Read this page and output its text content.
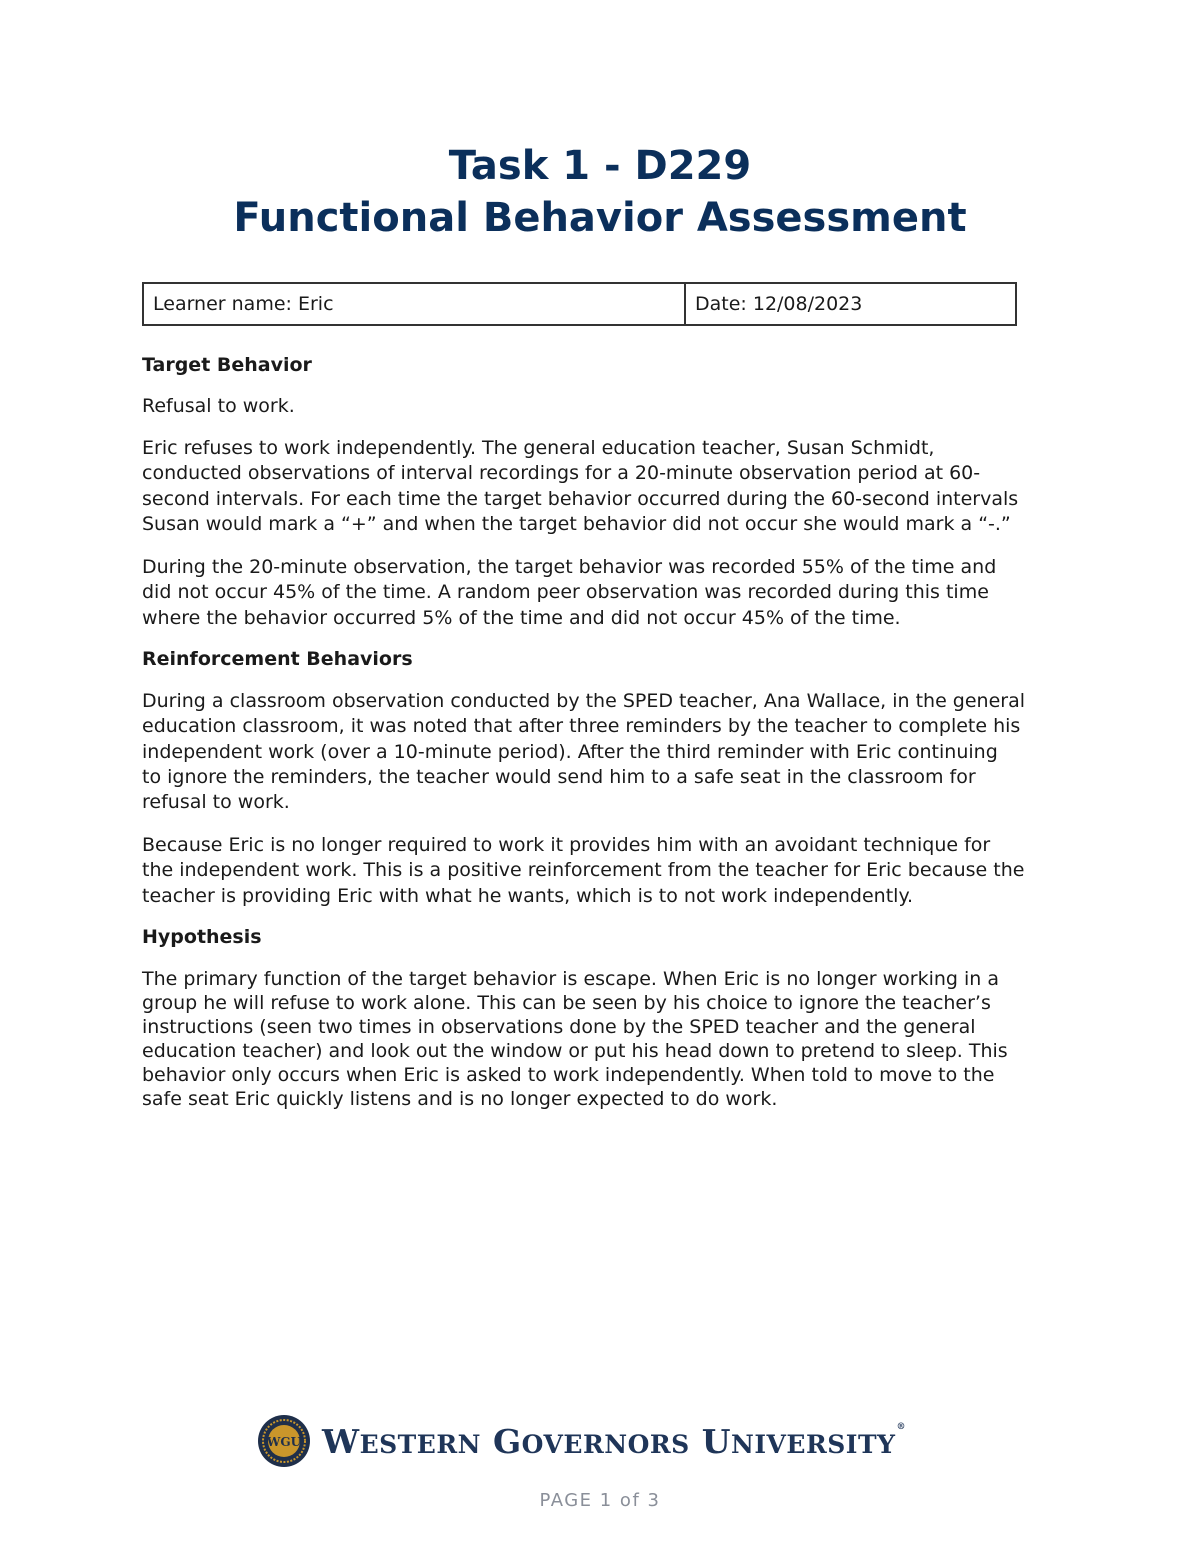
Task 1 - D229
Functional Behavior Assessment
Learner name: Eric	Date: 12/08/2023
Target Behavior

Refusal to work.

Eric refuses to work independently. The general education teacher, Susan Schmidt,
conducted observations of interval recordings for a 20-minute observation period at 60-
second intervals. For each time the target behavior occurred during the 60-second intervals
Susan would mark a “+” and when the target behavior did not occur she would mark a “-.”

During the 20-minute observation, the target behavior was recorded 55% of the time and
did not occur 45% of the time. A random peer observation was recorded during this time
where the behavior occurred 5% of the time and did not occur 45% of the time.

Reinforcement Behaviors

During a classroom observation conducted by the SPED teacher, Ana Wallace, in the general
education classroom, it was noted that after three reminders by the teacher to complete his
independent work (over a 10-minute period). After the third reminder with Eric continuing
to ignore the reminders, the teacher would send him to a safe seat in the classroom for
refusal to work.

Because Eric is no longer required to work it provides him with an avoidant technique for
the independent work. This is a positive reinforcement from the teacher for Eric because the
teacher is providing Eric with what he wants, which is to not work independently.

Hypothesis

The primary function of the target behavior is escape. When Eric is no longer working in a
group he will refuse to work alone. This can be seen by his choice to ignore the teacher’s
instructions (seen two times in observations done by the SPED teacher and the general
education teacher) and look out the window or put his head down to pretend to sleep. This
behavior only occurs when Eric is asked to work independently. When told to move to the
safe seat Eric quickly listens and is no longer expected to do work.

WGU WESTERN GOVERNORS UNIVERSITY®
PAGE 1 of 3
